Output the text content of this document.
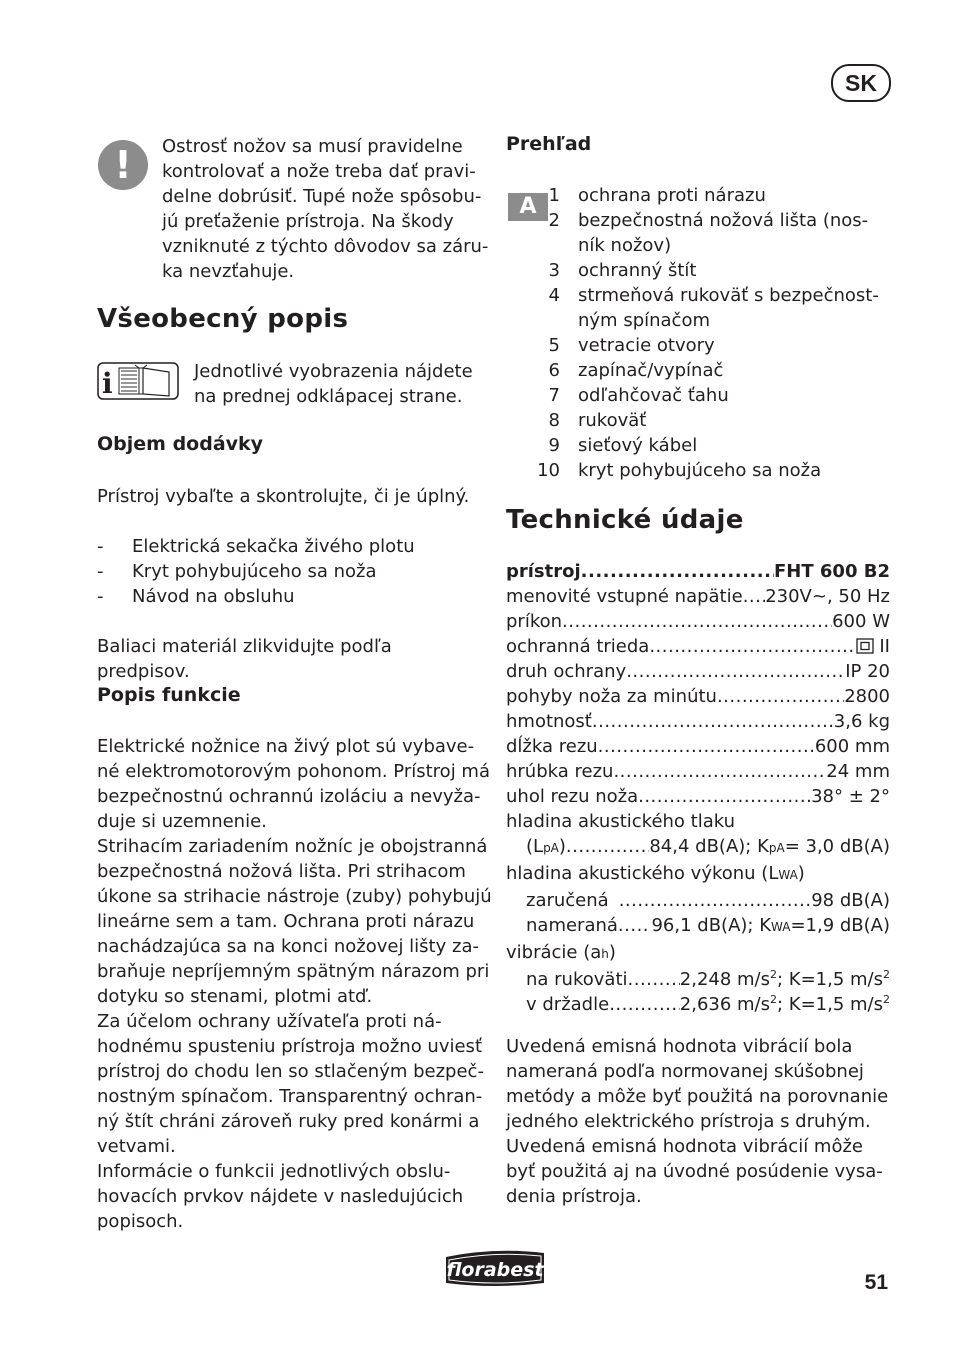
SK
!	Ostrosť nožov sa musí pravidelne
kontrolovať a nože treba dať pravi-
delne dobrúsiť. Tupé nože spôsobu-
jú preťaženie prístroja. Na škody
vzniknuté z týchto dôvodov sa záru-
ka nevzťahuje.
Všeobecný popis
i	Jednotlivé vyobrazenia nájdete
na prednej odklápacej strane.
Objem dodávky
Prístroj vybaľte a skontrolujte, či je úplný.
-	Elektrická sekačka živého plotu
-	Kryt pohybujúceho sa noža
-	Návod na obsluhu
Baliaci materiál zlikvidujte podľa predpisov.
Popis funkcie
Elektrické nožnice na živý plot sú vybave-
né elektromotorovým pohonom. Prístroj má
bezpečnostnú ochrannú izoláciu a nevyža-
duje si uzemnenie.
Strihacím zariadením nožníc je obojstranná
bezpečnostná nožová lišta. Pri strihacom
úkone sa strihacie nástroje (zuby) pohybujú
lineárne sem a tam. Ochrana proti nárazu
nachádzajúca sa na konci nožovej lišty za-
braňuje nepríjemným spätným nárazom pri
dotyku so stenami, plotmi atď.
Za účelom ochrany užívateľa proti ná-
hodnému spusteniu prístroja možno uviesť
prístroj do chodu len so stlačeným bezpeč-
nostným spínačom. Transparentný ochran-
ný štít chráni zároveň ruky pred konármi a
vetvami.
Informácie o funkcii jednotlivých obslu-
hovacích prvkov nájdete v nasledujúcich
popisoch.
Prehľad
A 1	ochrana proti nárazu
2	bezpečnostná nožová lišta (nos-
ník nožov)
3	ochranný štít
4	strmeňová rukoväť s bezpečnost-
ným spínačom
5	vetracie otvory
6	zapínač/vypínač
7	odľahčovač ťahu
8	rukoväť
9	sieťový kábel
10	kryt pohybujúceho sa noža
Technické údaje
prístroj .....	FHT 600 B2
menovité vstupné napätie ..... 230V~, 50 Hz
príkon .....	600 W
ochranná trieda .....	II
druh ochrany .....	IP 20
pohyby noža za minútu .....	2800
hmotnosť .....	3,6 kg
dĺžka rezu .....	600 mm
hrúbka rezu .....	24 mm
uhol rezu noža .....	38° ± 2°
hladina akustického tlaku
(LpA) .....	84,4 dB(A); KpA= 3,0 dB(A)
hladina akustického výkonu (LWA)
zaručená .....	98 dB(A)
nameraná ..... 96,1 dB(A); KWA=1,9 dB(A)
vibrácie (ah)
na rukoväti .....	2,248 $m/s^2$; K=1,5 $m/s^2$
v držadle .....	2,636 $m/s^2$; K=1,5 $m/s^2$
Uvedená emisná hodnota vibrácií bola
nameraná podľa normovanej skúšobnej
metódy a môže byť použitá na porovnanie
jedného elektrického prístroja s druhým.
Uvedená emisná hodnota vibrácií môže
byť použitá aj na úvodné posúdenie vysa-
denia prístroja.
florabest
51
